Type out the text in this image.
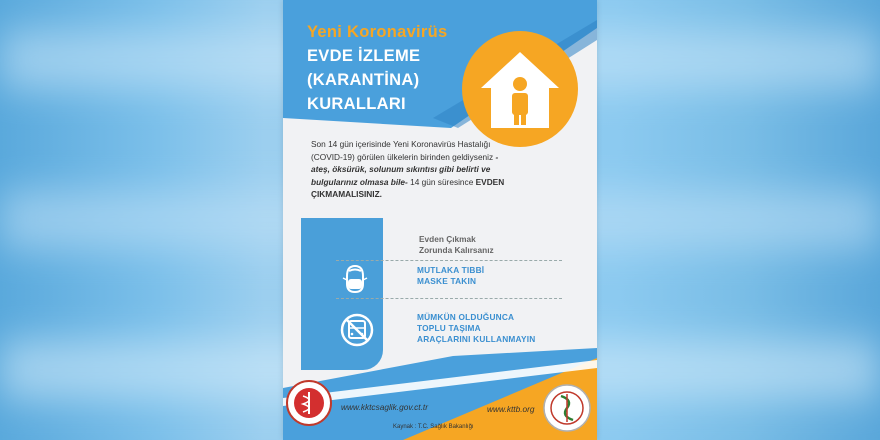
Yeni Koronavirüs
EVDE İZLEME
(KARANTİNA)
KURALLARI
Son 14 gün içerisinde Yeni Koronavirüs Hastalığı (COVID-19) görülen ülkelerin birinden geldiyseniz -ateş, öksürük, solunum sıkıntısı gibi belirti ve bulgularınız olmasa bile- 14 gün süresince EVDEN ÇIKMAMALISINIZ.
Evden Çıkmak
Zorunda Kalırsanız
MUTLAKA TIBBİ
MASKE TAKIN
MÜMKÜN OLDUĞUNCA
TOPLU TAŞIMA
ARAÇLARINI KULLANMAYIN
www.kktcsaglik.gov.ct.tr	www.kttb.org
Kaynak : T.C. Sağlık Bakanlığı
